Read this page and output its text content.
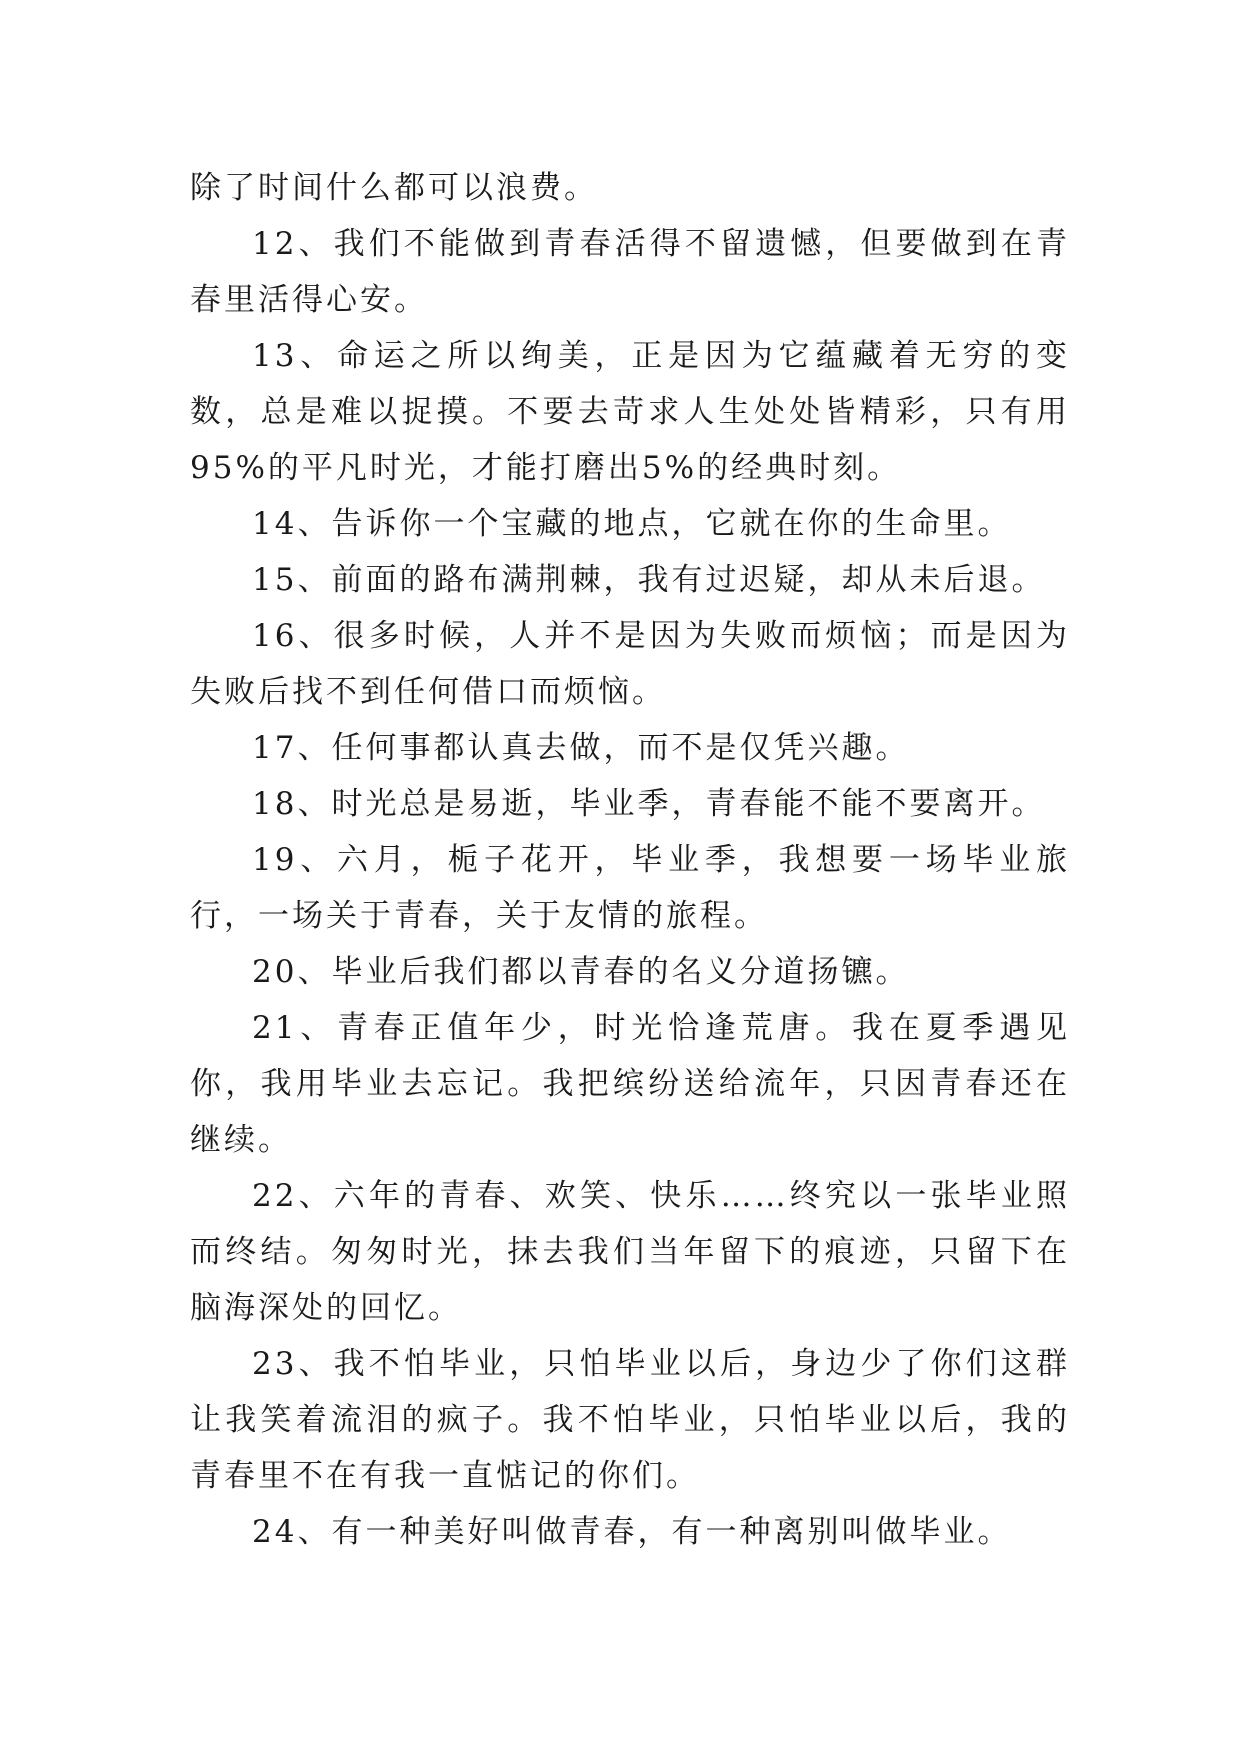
除了时间什么都可以浪费。

12、我们不能做到青春活得不留遗憾，但要做到在青春里活得心安。

13、命运之所以绚美，正是因为它蕴藏着无穷的变数，总是难以捉摸。不要去苛求人生处处皆精彩，只有用95%的平凡时光，才能打磨出5%的经典时刻。

14、告诉你一个宝藏的地点，它就在你的生命里。

15、前面的路布满荆棘，我有过迟疑，却从未后退。

16、很多时候，人并不是因为失败而烦恼；而是因为失败后找不到任何借口而烦恼。

17、任何事都认真去做，而不是仅凭兴趣。

18、时光总是易逝，毕业季，青春能不能不要离开。

19、六月，栀子花开，毕业季，我想要一场毕业旅行，一场关于青春，关于友情的旅程。

20、毕业后我们都以青春的名义分道扬镳。

21、青春正值年少，时光恰逢荒唐。我在夏季遇见你，我用毕业去忘记。我把缤纷送给流年，只因青春还在继续。

22、六年的青春、欢笑、快乐……终究以一张毕业照而终结。匆匆时光，抹去我们当年留下的痕迹，只留下在脑海深处的回忆。

23、我不怕毕业，只怕毕业以后，身边少了你们这群让我笑着流泪的疯子。我不怕毕业，只怕毕业以后，我的青春里不在有我一直惦记的你们。

24、有一种美好叫做青春，有一种离别叫做毕业。
